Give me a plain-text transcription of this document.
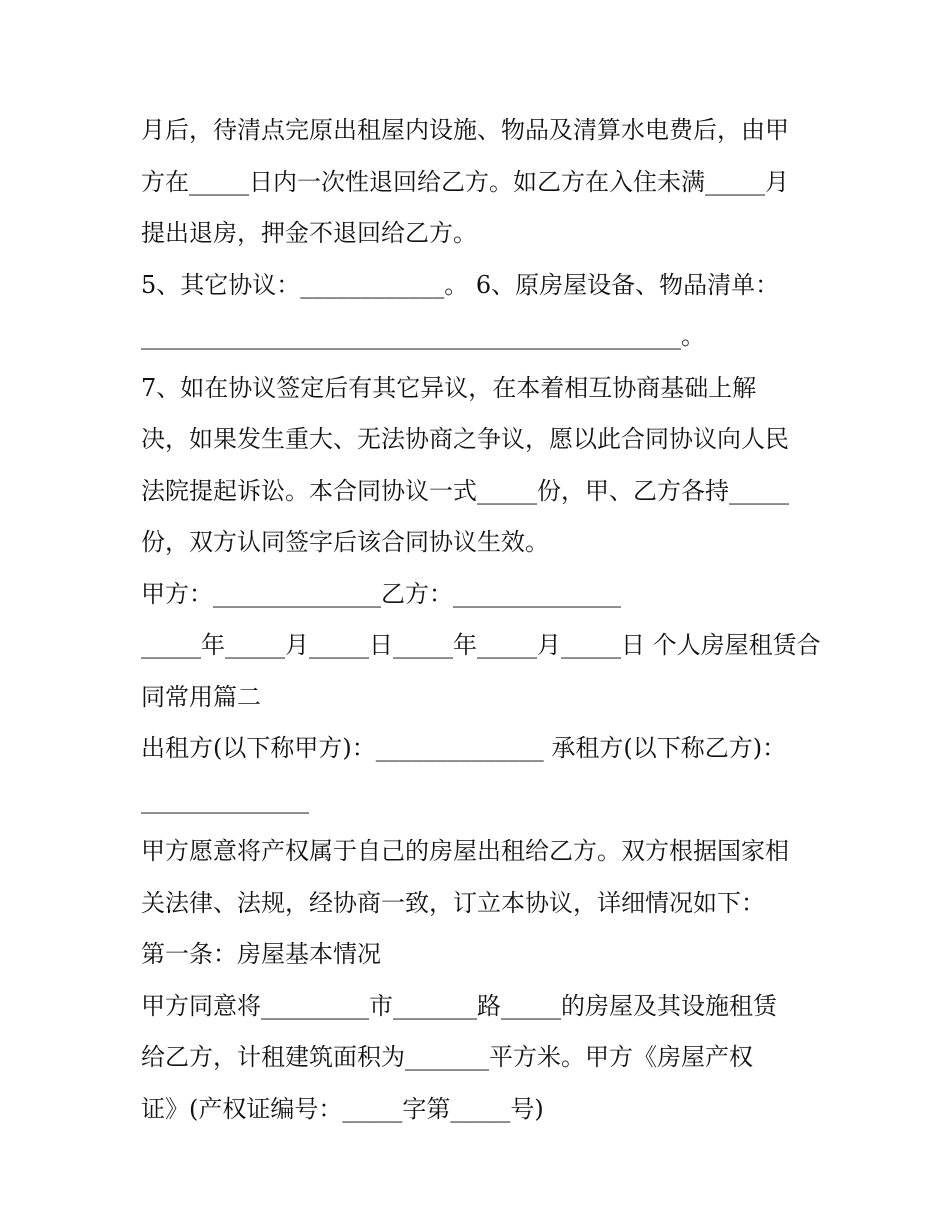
月后，待清点完原出租屋内设施、物品及清算水电费后，由甲
方在_____日内一次性退回给乙方。如乙方在入住未满_____月
提出退房，押金不退回给乙方。
5、其它协议：____________。 6、原房屋设备、物品清单：
_____________________________________________。
7、如在协议签定后有其它异议，在本着相互协商基础上解
决，如果发生重大、无法协商之争议，愿以此合同协议向人民
法院提起诉讼。本合同协议一式_____份，甲、乙方各持_____
份，双方认同签字后该合同协议生效。
甲方：______________乙方：______________
_____年_____月_____日_____年_____月_____日 个人房屋租赁合
同常用篇二
出租方(以下称甲方)：______________ 承租方(以下称乙方)：
______________
甲方愿意将产权属于自己的房屋出租给乙方。双方根据国家相
关法律、法规，经协商一致，订立本协议，详细情况如下：
第一条：房屋基本情况
甲方同意将_________市_______路_____的房屋及其设施租赁
给乙方，计租建筑面积为_______平方米。甲方《房屋产权
证》(产权证编号：_____字第_____号)
